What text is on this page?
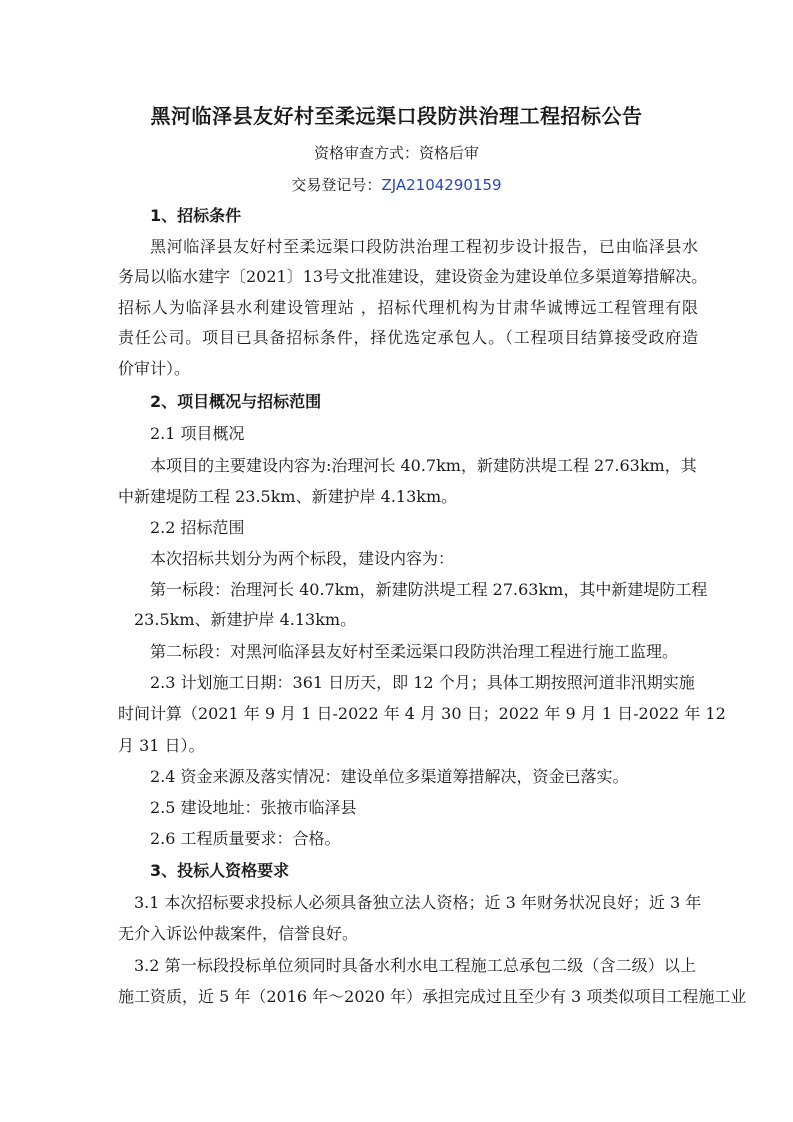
黑河临泽县友好村至柔远渠口段防洪治理工程招标公告
资格审查方式：资格后审
交易登记号：ZJA2104290159
1、招标条件
黑河临泽县友好村至柔远渠口段防洪治理工程初步设计报告，已由临泽县水
务局以临水建字〔2021〕13号文批准建设，建设资金为建设单位多渠道筹措解决。
招标人为临泽县水利建设管理站 ，招标代理机构为甘肃华诚博远工程管理有限
责任公司。项目已具备招标条件，择优选定承包人。（工程项目结算接受政府造
价审计）。
2、项目概况与招标范围
2.1 项目概况
本项目的主要建设内容为:治理河长 40.7km，新建防洪堤工程 27.63km，其
中新建堤防工程 23.5km、新建护岸 4.13km。
2.2 招标范围
本次招标共划分为两个标段，建设内容为：
第一标段：治理河长 40.7km，新建防洪堤工程 27.63km，其中新建堤防工程
23.5km、新建护岸 4.13km。
第二标段：对黑河临泽县友好村至柔远渠口段防洪治理工程进行施工监理。
2.3 计划施工日期：361 日历天，即 12 个月；具体工期按照河道非汛期实施
时间计算（2021 年 9 月 1 日-2022 年 4 月 30 日；2022 年 9 月 1 日-2022 年 12
月 31 日）。
2.4 资金来源及落实情况：建设单位多渠道筹措解决，资金已落实。
2.5 建设地址：张掖市临泽县
2.6 工程质量要求：合格。
3、投标人资格要求
3.1 本次招标要求投标人必须具备独立法人资格；近 3 年财务状况良好；近 3 年
无介入诉讼仲裁案件，信誉良好。
3.2 第一标段投标单位须同时具备水利水电工程施工总承包二级（含二级）以上
施工资质，近 5 年（2016 年～2020 年）承担完成过且至少有 3 项类似项目工程施工业
